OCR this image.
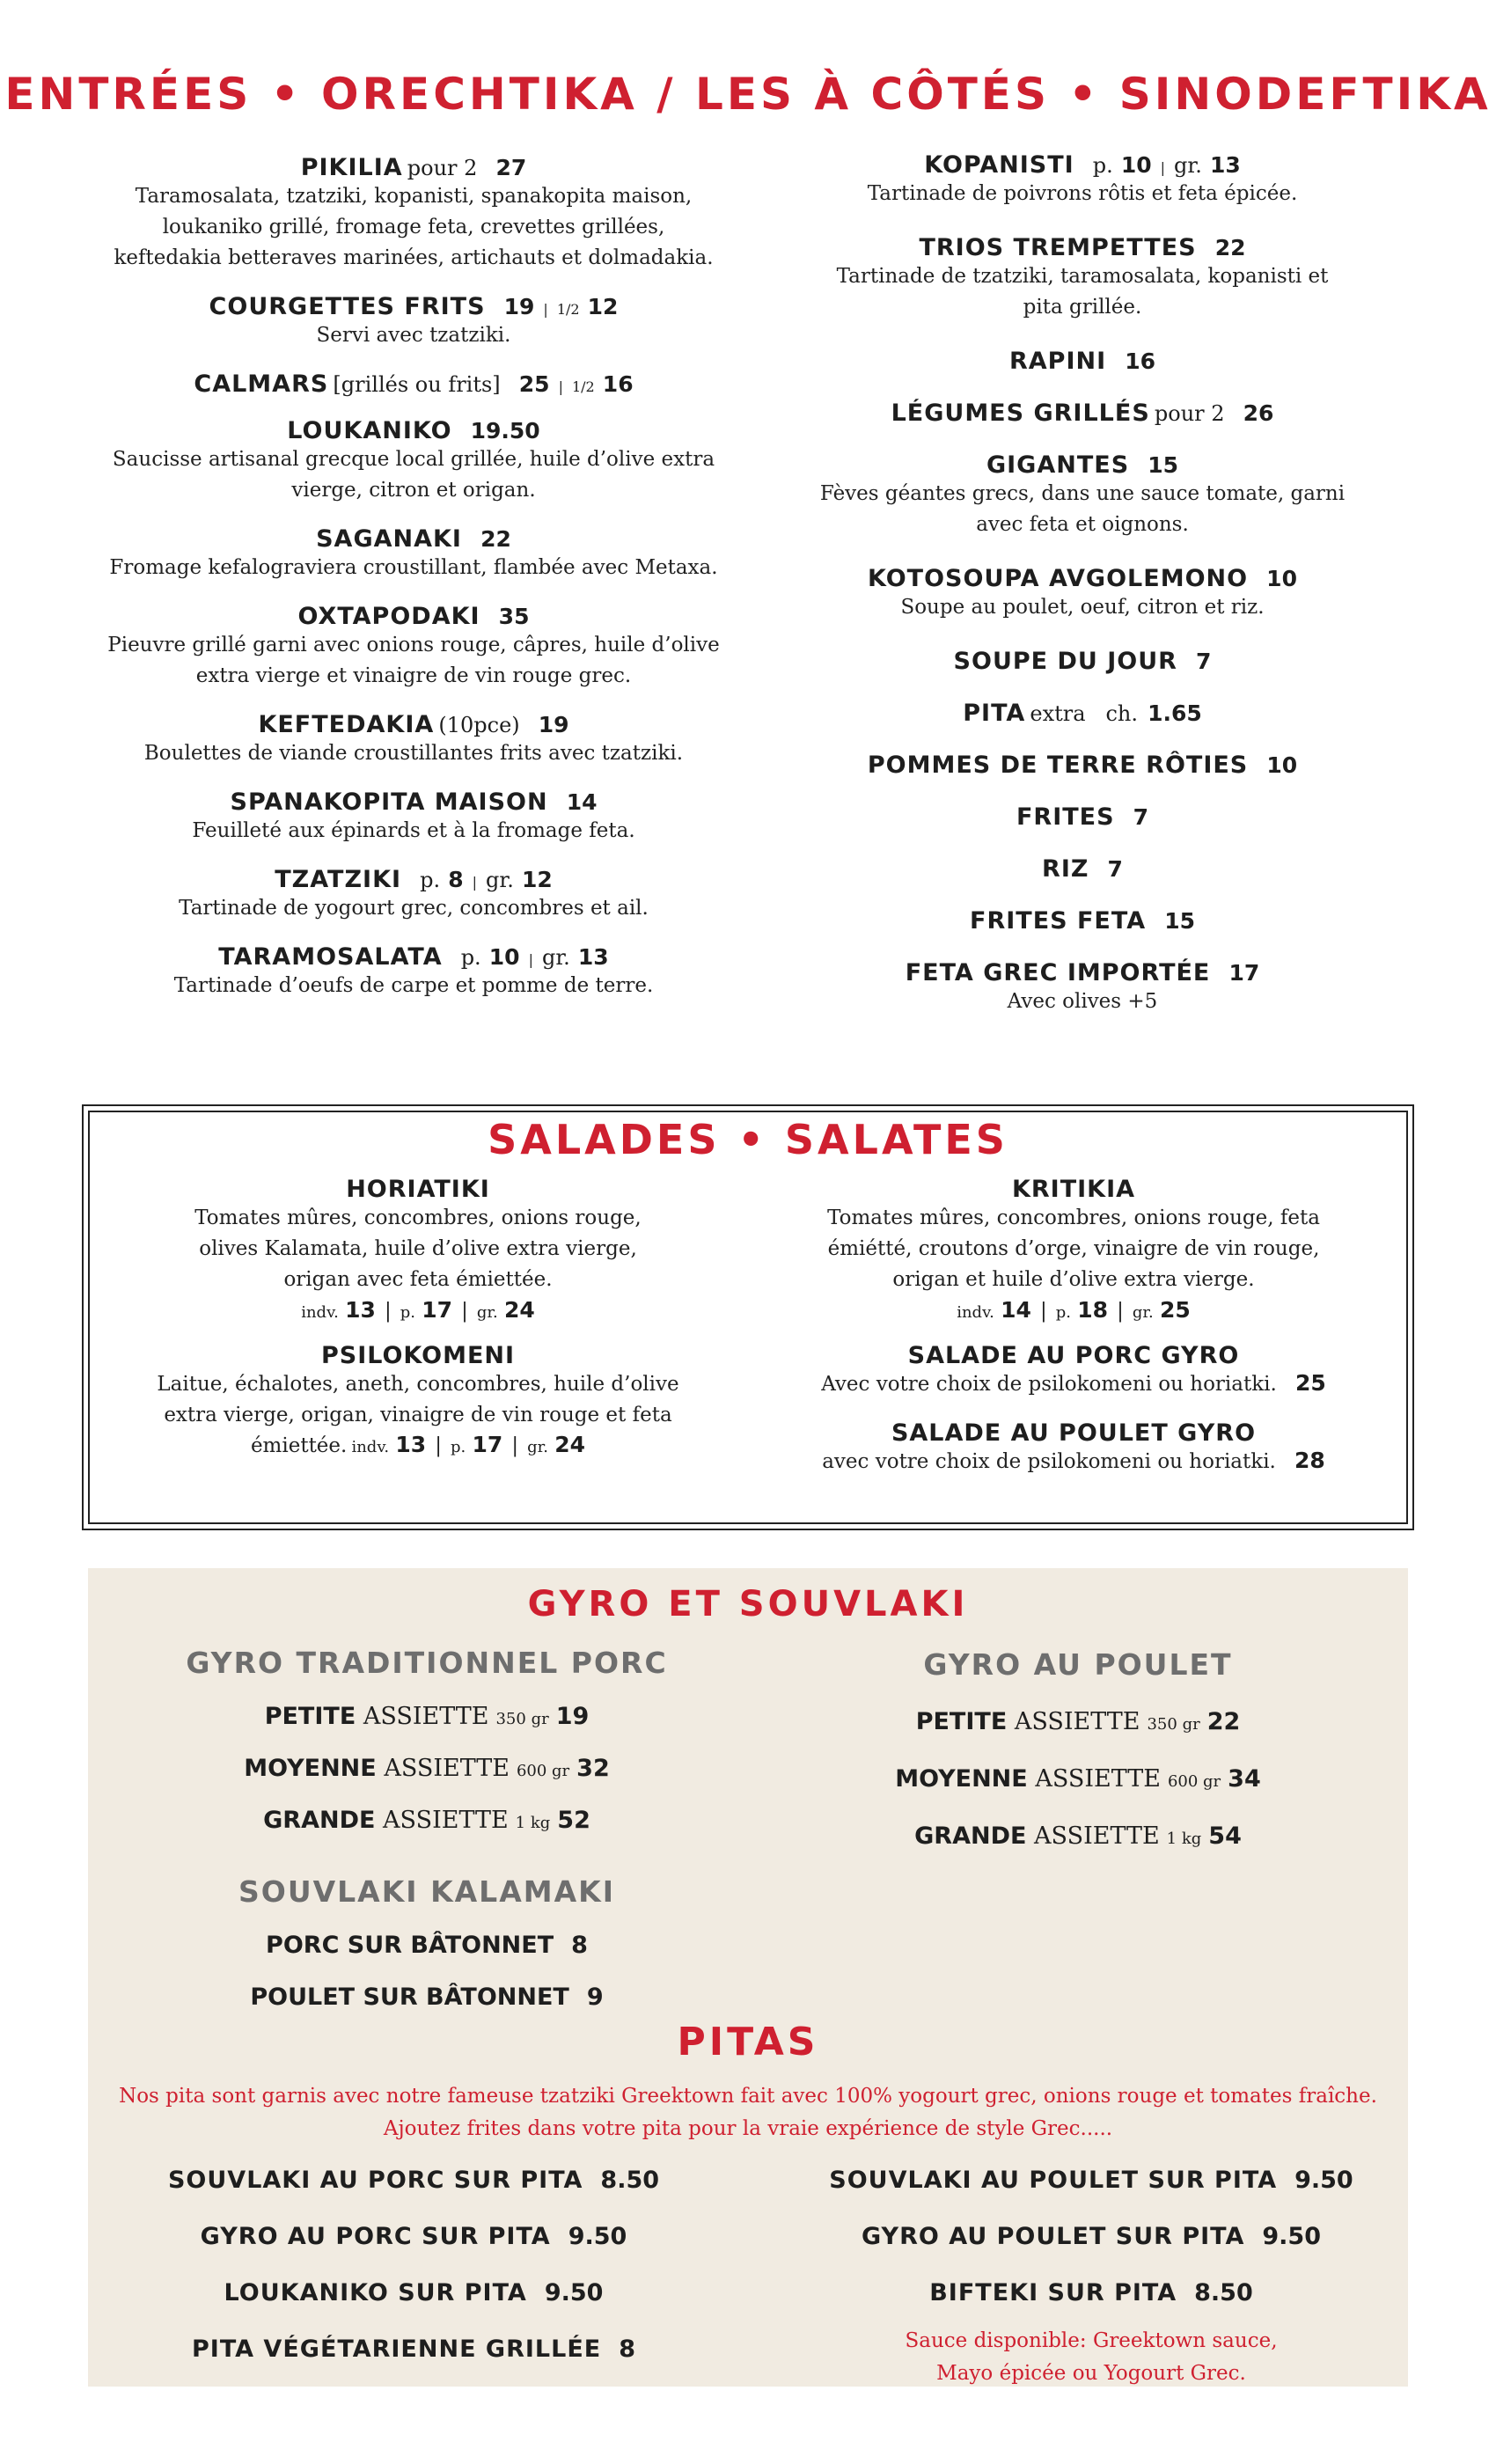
ENTRÉES • ORECHTIKA / LES À CÔTÉS • SINODEFTIKA
PIKILIA pour 2 27
Taramosalata, tzatziki, kopanisti, spanakopita maison, loukaniko grillé, fromage feta, crevettes grillées, keftedakia betteraves marinées, artichauts et dolmadakia.
COURGETTES FRITS 19 | 1/2 12
Servi avec tzatziki.
CALMARS [grillés ou frits] 25 | 1/2 16
LOUKANIKO 19.50
Saucisse artisanal grecque local grillée, huile d’olive extra vierge, citron et origan.
SAGANAKI 22
Fromage kefalograviera croustillant, flambée avec Metaxa.
OXTAPODAKI 35
Pieuvre grillé garni avec onions rouge, câpres, huile d’olive extra vierge et vinaigre de vin rouge grec.
KEFTEDAKIA (10pce) 19
Boulettes de viande croustillantes frits avec tzatziki.
SPANAKOPITA MAISON 14
Feuilleté aux épinards et à la fromage feta.
TZATZIKI p. 8 | gr. 12
Tartinade de yogourt grec, concombres et ail.
TARAMOSALATA p. 10 | gr. 13
Tartinade d’oeufs de carpe et pomme de terre.
KOPANISTI p. 10 | gr. 13
Tartinade de poivrons rôtis et feta épicée.
TRIOS TREMPETTES 22
Tartinade de tzatziki, taramosalata, kopanisti et pita grillée.
RAPINI 16
LÉGUMES GRILLÉS pour 2 26
GIGANTES 15
Fèves géantes grecs, dans une sauce tomate, garni avec feta et oignons.
KOTOSOUPA AVGOLEMONO 10
Soupe au poulet, oeuf, citron et riz.
SOUPE DU JOUR 7
PITA extra   ch. 1.65
POMMES DE TERRE RÔTIES 10
FRITES 7
RIZ 7
FRITES FETA 15
FETA GREC IMPORTÉE 17
Avec olives +5
SALADES • SALATES
HORIATIKI
Tomates mûres, concombres, onions rouge, olives Kalamata, huile d’olive extra vierge, origan avec feta émiettée.
indv. 13 | p. 17 | gr. 24
PSILOKOMENI
Laitue, échalotes, aneth, concombres, huile d’olive extra vierge, origan, vinaigre de vin rouge et feta émiettée. indv. 13 | p. 17 | gr. 24
KRITIKIA
Tomates mûres, concombres, onions rouge, feta émiétté, croutons d’orge, vinaigre de vin rouge, origan et huile d’olive extra vierge.
indv. 14 | p. 18 | gr. 25
SALADE AU PORC GYRO
Avec votre choix de psilokomeni ou horiatki. 25
SALADE AU POULET GYRO
avec votre choix de psilokomeni ou horiatki. 28
GYRO ET SOUVLAKI
GYRO TRADITIONNEL PORC
PETITE ASSIETTE 350 gr 19
MOYENNE ASSIETTE 600 gr 32
GRANDE ASSIETTE 1 kg 52
SOUVLAKI KALAMAKI
PORC SUR BÂTONNET 8
POULET SUR BÂTONNET 9
GYRO AU POULET
PETITE ASSIETTE 350 gr 22
MOYENNE ASSIETTE 600 gr 34
GRANDE ASSIETTE 1 kg 54
PITAS
Nos pita sont garnis avec notre fameuse tzatziki Greektown fait avec 100% yogourt grec, onions rouge et tomates fraîche.
Ajoutez frites dans votre pita pour la vraie expérience de style Grec.....
SOUVLAKI AU PORC SUR PITA 8.50
GYRO AU PORC SUR PITA 9.50
LOUKANIKO SUR PITA 9.50
PITA VÉGÉTARIENNE GRILLÉE 8
SOUVLAKI AU POULET SUR PITA 9.50
GYRO AU POULET SUR PITA 9.50
BIFTEKI SUR PITA 8.50
Sauce disponible: Greektown sauce,
Mayo épicée ou Yogourt Grec.
